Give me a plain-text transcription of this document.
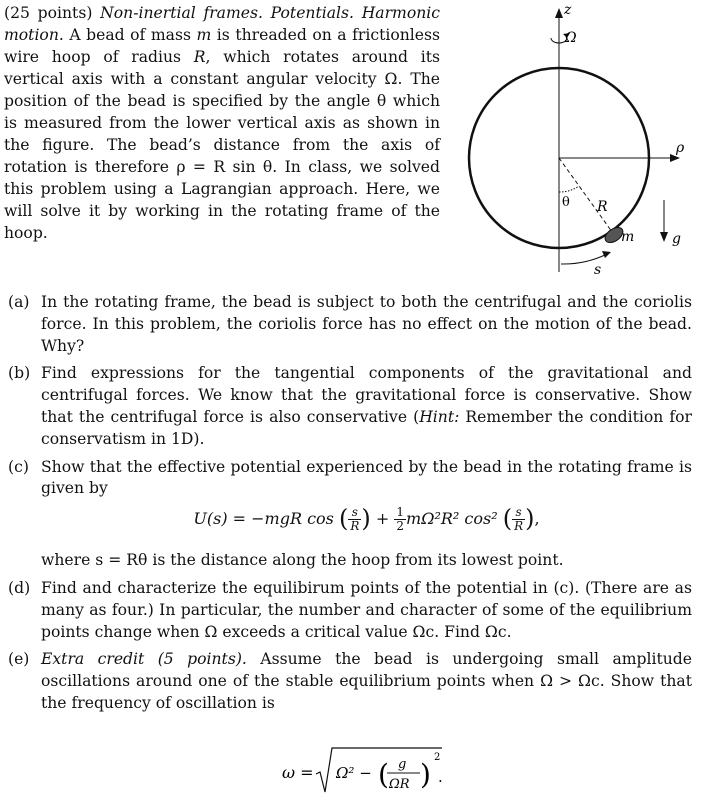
(25 points) Non-inertial frames. Potentials. Harmonic motion. A bead of mass m is threaded on a frictionless wire hoop of radius R, which rotates around its vertical axis with a constant angular velocity Ω. The position of the bead is specified by the angle θ which is measured from the lower vertical axis as shown in the figure. The bead’s distance from the axis of rotation is therefore ρ = R sin θ. In class, we solved this problem using a Lagrangian approach. Here, we will solve it by working in the rotating frame of the hoop.
z
Ω
ρ
θ R
m
s
g
(a) In the rotating frame, the bead is subject to both the centrifugal and the coriolis force. In this problem, the coriolis force has no effect on the motion of the bead. Why?
(b) Find expressions for the tangential components of the gravitational and centrifugal forces. We know that the gravitational force is conservative. Show that the centrifugal force is also conservative (Hint: Remember the condition for conservatism in 1D).
(c) Show that the effective potential experienced by the bead in the rotating frame is given by
U(s) = −mgR cos ( $\frac{s}{R}$ ) + $\frac{1}{2} m\Omega^2R^2$ cos² ( $\frac{s}{R}$ ),
where s = Rθ is the distance along the hoop from its lowest point.
(d) Find and characterize the equilibirum points of the potential in (c). (There are as many as four.) In particular, the number and character of some of the equilibrium points change when Ω exceeds a critical value Ωc. Find Ωc.
(e) Extra credit (5 points). Assume the bead is undergoing small amplitude oscillations around one of the stable equilibrium points when Ω > Ωc. Show that the frequency of oscillation is
ω = Ω² − ( g
ΩR )
2
.
